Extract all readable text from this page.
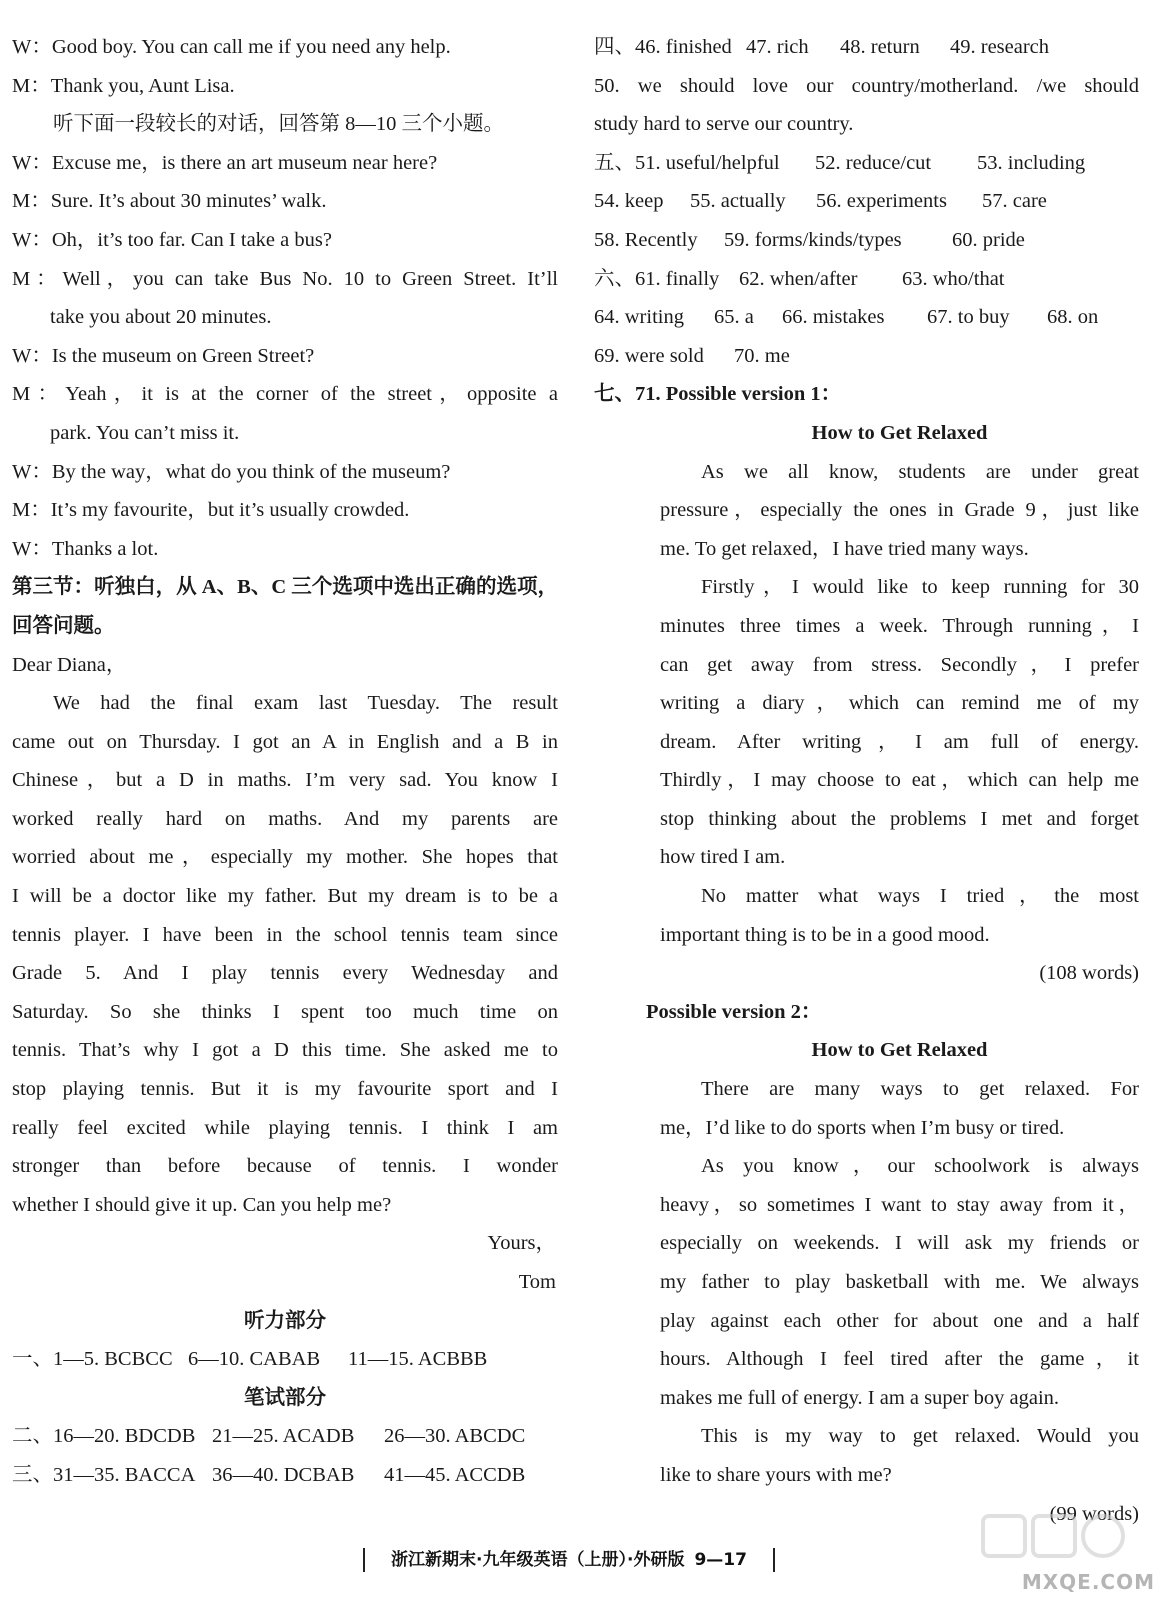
W：Good boy. You can call me if you need any help.
M：Thank you, Aunt Lisa.
听下面一段较长的对话，回答第 8—10 三个小题。
W：Excuse me，is there an art museum near here?
M：Sure. It’s about 30 minutes’ walk.
W：Oh，it’s too far. Can I take a bus?
M：Well，you can take Bus No. 10 to Green Street. It’ll
take you about 20 minutes.
W：Is the museum on Green Street?
M：Yeah，it is at the corner of the street，opposite a
park. You can’t miss it.
W：By the way，what do you think of the museum?
M：It’s my favourite，but it’s usually crowded.
W：Thanks a lot.
第三节：听独白，从 A、B、C 三个选项中选出正确的选项，
回答问题。
Dear Diana，
We had the final exam last Tuesday. The result
came out on Thursday. I got an A in English and a B in
Chinese，but a D in maths. I’m very sad. You know I
worked really hard on maths. And my parents are
worried about me，especially my mother. She hopes that
I will be a doctor like my father. But my dream is to be a
tennis player. I have been in the school tennis team since
Grade 5. And I play tennis every Wednesday and
Saturday. So she thinks I spent too much time on
tennis. That’s why I got a D this time. She asked me to
stop playing tennis. But it is my favourite sport and I
really feel excited while playing tennis. I think I am
stronger than before because of tennis. I wonder
whether I should give it up. Can you help me?
Yours，
Tom
听力部分
一、1—5. BCBCC 6—10. CABAB 11—15. ACBBB
笔试部分
二、16—20. BDCDB 21—25. ACADB 26—30. ABCDC
三、31—35. BACCA 36—40. DCBAB 41—45. ACCDB
四、46. finished 47. rich 48. return 49. research
50. we should love our country/motherland. /we should
study hard to serve our country.
五、51. useful/helpful 52. reduce/cut 53. including
54. keep 55. actually 56. experiments 57. care
58. Recently 59. forms/kinds/types 60. pride
六、61. finally 62. when/after 63. who/that
64. writing 65. a 66. mistakes 67. to buy 68. on
69. were sold 70. me
七、71. Possible version 1：
How to Get Relaxed
As we all know, students are under great
pressure，especially the ones in Grade 9，just like
me. To get relaxed，I have tried many ways.
Firstly，I would like to keep running for 30
minutes three times a week. Through running，I
can get away from stress. Secondly，I prefer
writing a diary，which can remind me of my
dream. After writing，I am full of energy.
Thirdly，I may choose to eat，which can help me
stop thinking about the problems I met and forget
how tired I am.
No matter what ways I tried，the most
important thing is to be in a good mood.
(108 words)
Possible version 2：
How to Get Relaxed
There are many ways to get relaxed. For
me，I’d like to do sports when I’m busy or tired.
As you know，our schoolwork is always
heavy，so sometimes I want to stay away from it，
especially on weekends. I will ask my friends or
my father to play basketball with me. We always
play against each other for about one and a half
hours. Although I feel tired after the game，it
makes me full of energy. I am a super boy again.
This is my way to get relaxed. Would you
like to share yours with me?
(99 words)
浙江新期末·九年级英语（上册）·外研版 9—17
MXQE.COM
